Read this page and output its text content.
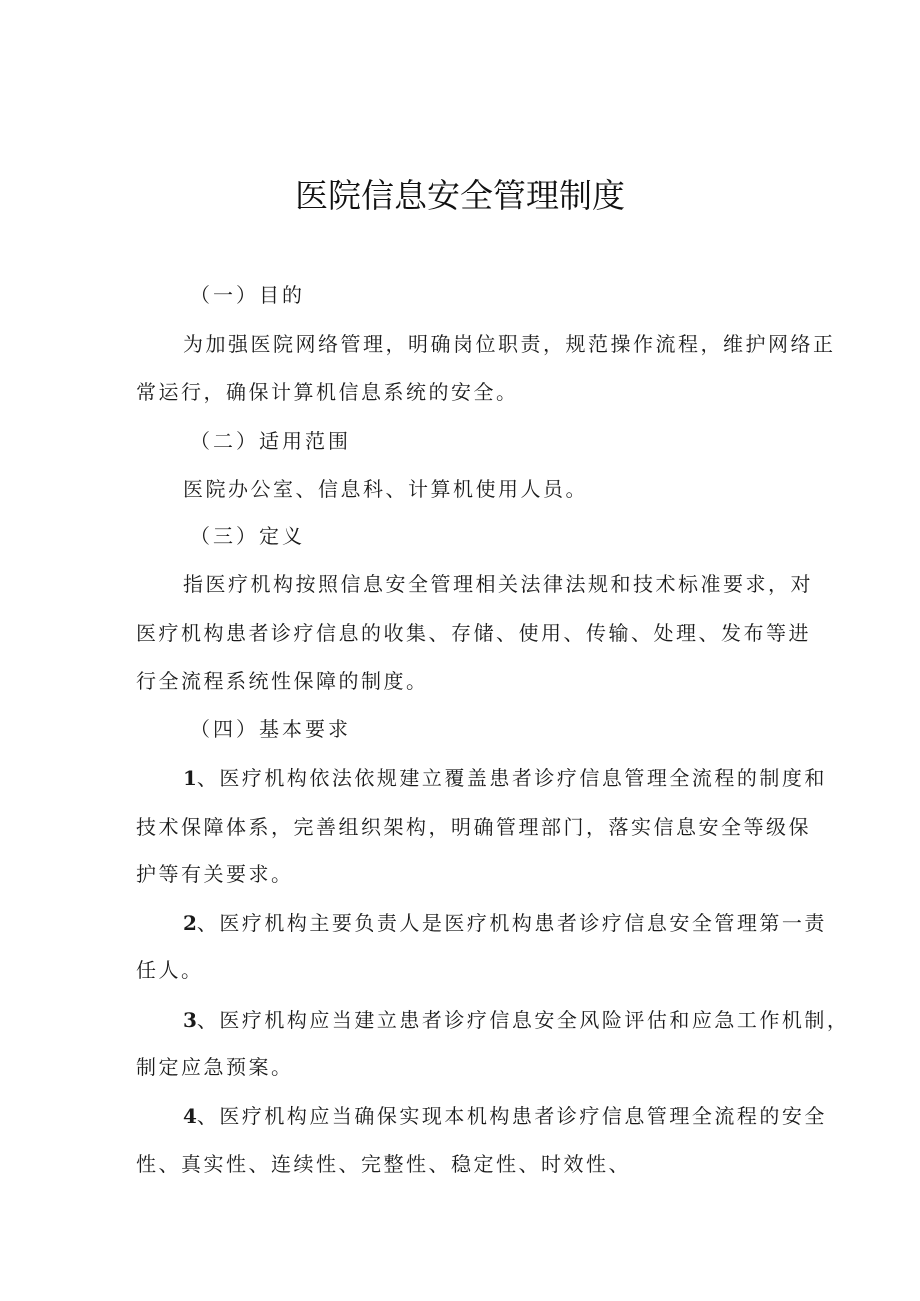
医院信息安全管理制度
（一）目的
为加强医院网络管理，明确岗位职责，规范操作流程，维护网络正
常运行，确保计算机信息系统的安全。
（二）适用范围
医院办公室、信息科、计算机使用人员。
（三）定义
指医疗机构按照信息安全管理相关法律法规和技术标准要求，对
医疗机构患者诊疗信息的收集、存储、使用、传输、处理、发布等进
行全流程系统性保障的制度。
（四）基本要求
1、医疗机构依法依规建立覆盖患者诊疗信息管理全流程的制度和
技术保障体系，完善组织架构，明确管理部门，落实信息安全等级保
护等有关要求。
2、医疗机构主要负责人是医疗机构患者诊疗信息安全管理第一责
任人。
3、医疗机构应当建立患者诊疗信息安全风险评估和应急工作机制，
制定应急预案。
4、医疗机构应当确保实现本机构患者诊疗信息管理全流程的安全
性、真实性、连续性、完整性、稳定性、时效性、
